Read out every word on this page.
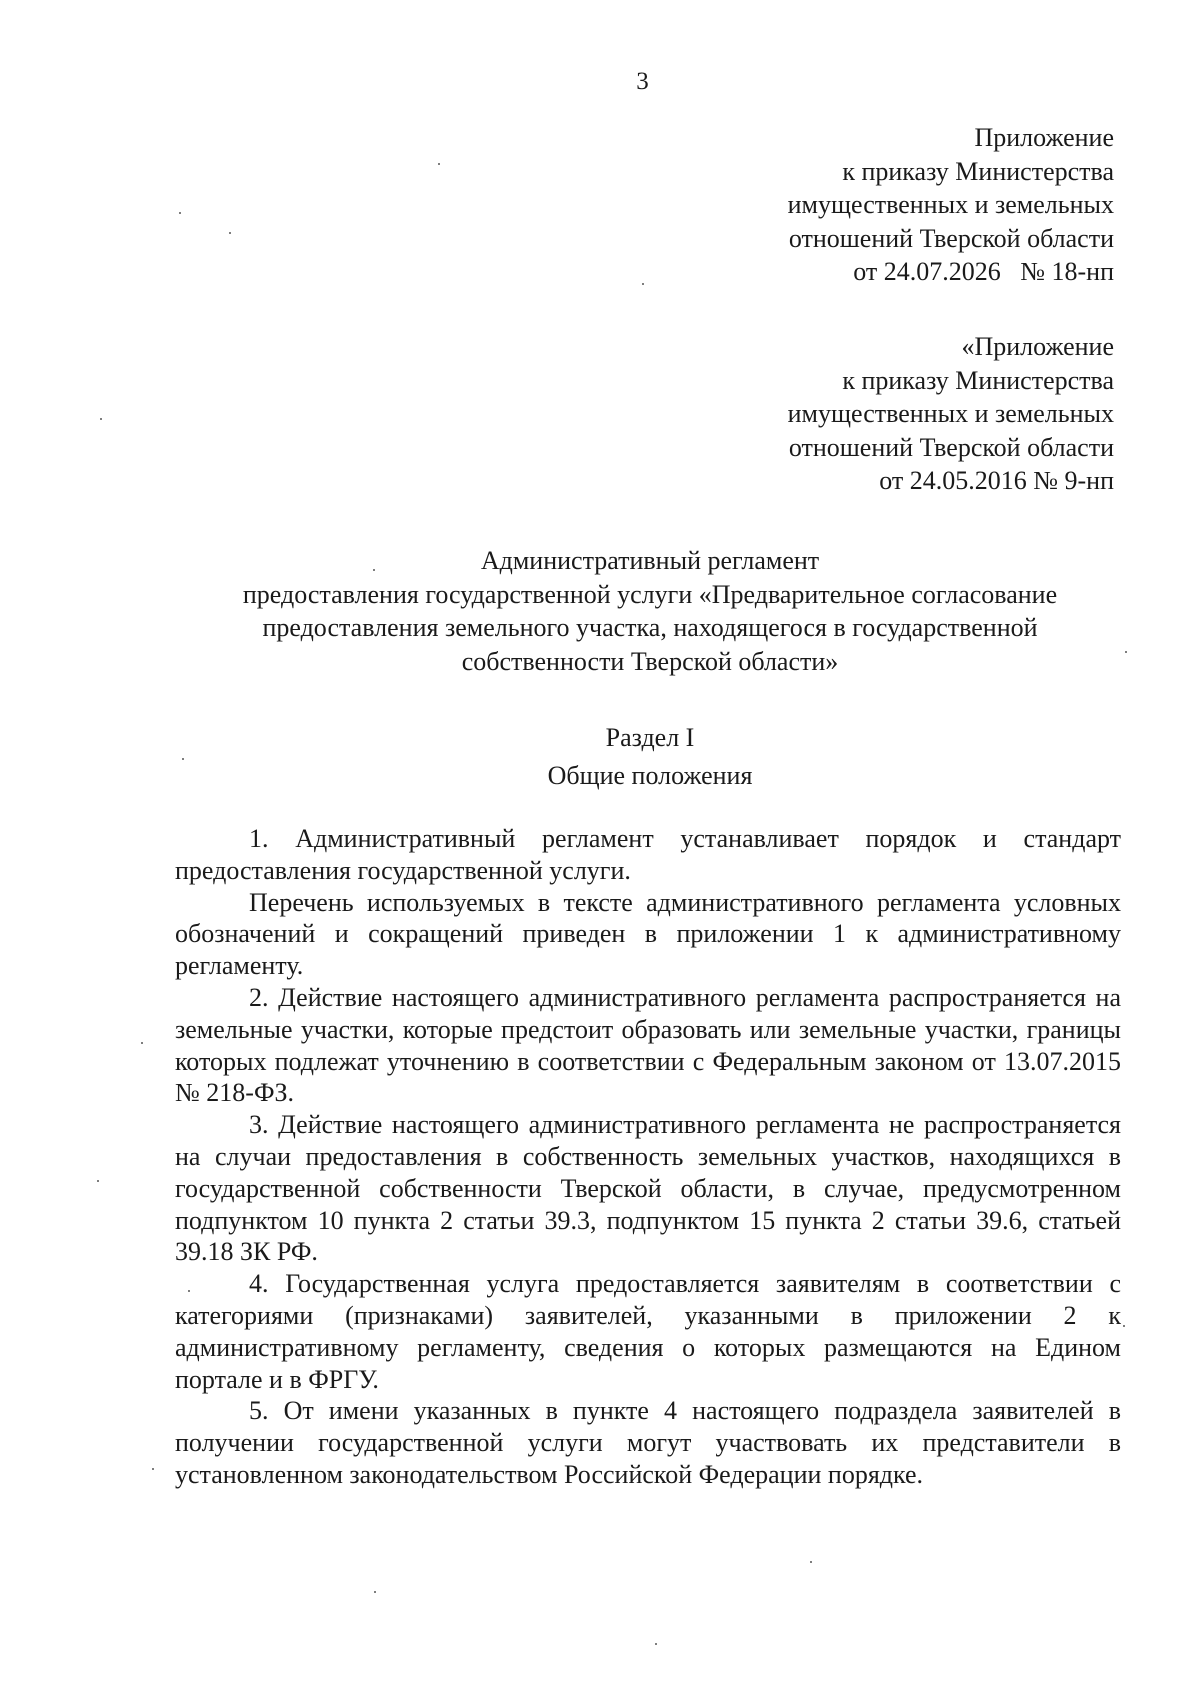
3
Приложение
к приказу Министерства
имущественных и земельных
отношений Тверской области
от 24.07.2026   № 18-нп
«Приложение
к приказу Министерства
имущественных и земельных
отношений Тверской области
от 24.05.2016 № 9-нп
Административный регламент
предоставления государственной услуги «Предварительное согласование
предоставления земельного участка, находящегося в государственной
собственности Тверской области»
Раздел I
Общие положения

1. Административный регламент устанавливает порядок и стандарт предоставления государственной услуги.

Перечень используемых в тексте административного регламента условных обозначений и сокращений приведен в приложении 1 к административному регламенту.

2. Действие настоящего административного регламента распространяется на земельные участки, которые предстоит образовать или земельные участки, границы которых подлежат уточнению в соответствии с Федеральным законом от 13.07.2015 № 218-ФЗ.

3. Действие настоящего административного регламента не распространяется на случаи предоставления в собственность земельных участков, находящихся в государственной собственности Тверской области, в случае, предусмотренном подпунктом 10 пункта 2 статьи 39.3, подпунктом 15 пункта 2 статьи 39.6, статьей 39.18 ЗК РФ.

4. Государственная услуга предоставляется заявителям в соответствии с категориями (признаками) заявителей, указанными в приложении 2 к административному регламенту, сведения о которых размещаются на Едином портале и в ФРГУ.

5. От имени указанных в пункте 4 настоящего подраздела заявителей в получении государственной услуги могут участвовать их представители в установленном законодательством Российской Федерации порядке.
